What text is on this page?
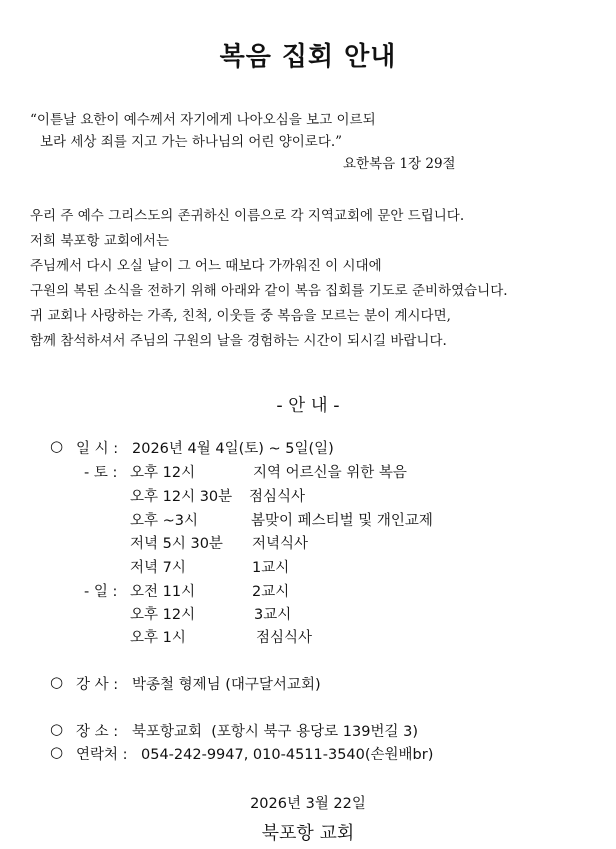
복음 집회 안내
“이튿날 요한이 예수께서 자기에게 나아오심을 보고 이르되
보라 세상 죄를 지고 가는 하나님의 어린 양이로다.”
요한복음 1장 29절
우리 주 예수 그리스도의 존귀하신 이름으로 각 지역교회에 문안 드립니다.
저희 북포항 교회에서는
주님께서 다시 오실 날이 그 어느 때보다 가까워진 이 시대에
구원의 복된 소식을 전하기 위해 아래와 같이 복음 집회를 기도로 준비하였습니다.
귀 교회나 사랑하는 가족, 친척, 이웃들 중 복음을 모르는 분이 계시다면,
함께 참석하셔서 주님의 구원의 날을 경험하는 시간이 되시길 바랍니다.
- 안 내 -
○ 일 시 : 2026년 4월 4일(토) ~ 5일(일)
- 토 : 오후 12시	지역 어르신을 위한 복음
오후 12시 30분 점심식사
오후 ~3시	봄맞이 페스티벌 및 개인교제
저녁 5시 30분 저녁식사
저녁 7시	1교시
- 일 : 오전 11시	2교시
오후 12시	3교시
오후 1시	점심식사
○ 강 사 : 박종철 형제님 (대구달서교회)
○ 장 소 : 북포항교회  (포항시 북구 용당로 139번길 3)
○ 연락처 : 054-242-9947, 010-4511-3540(손원배br)
2026년 3월 22일
북포항 교회
